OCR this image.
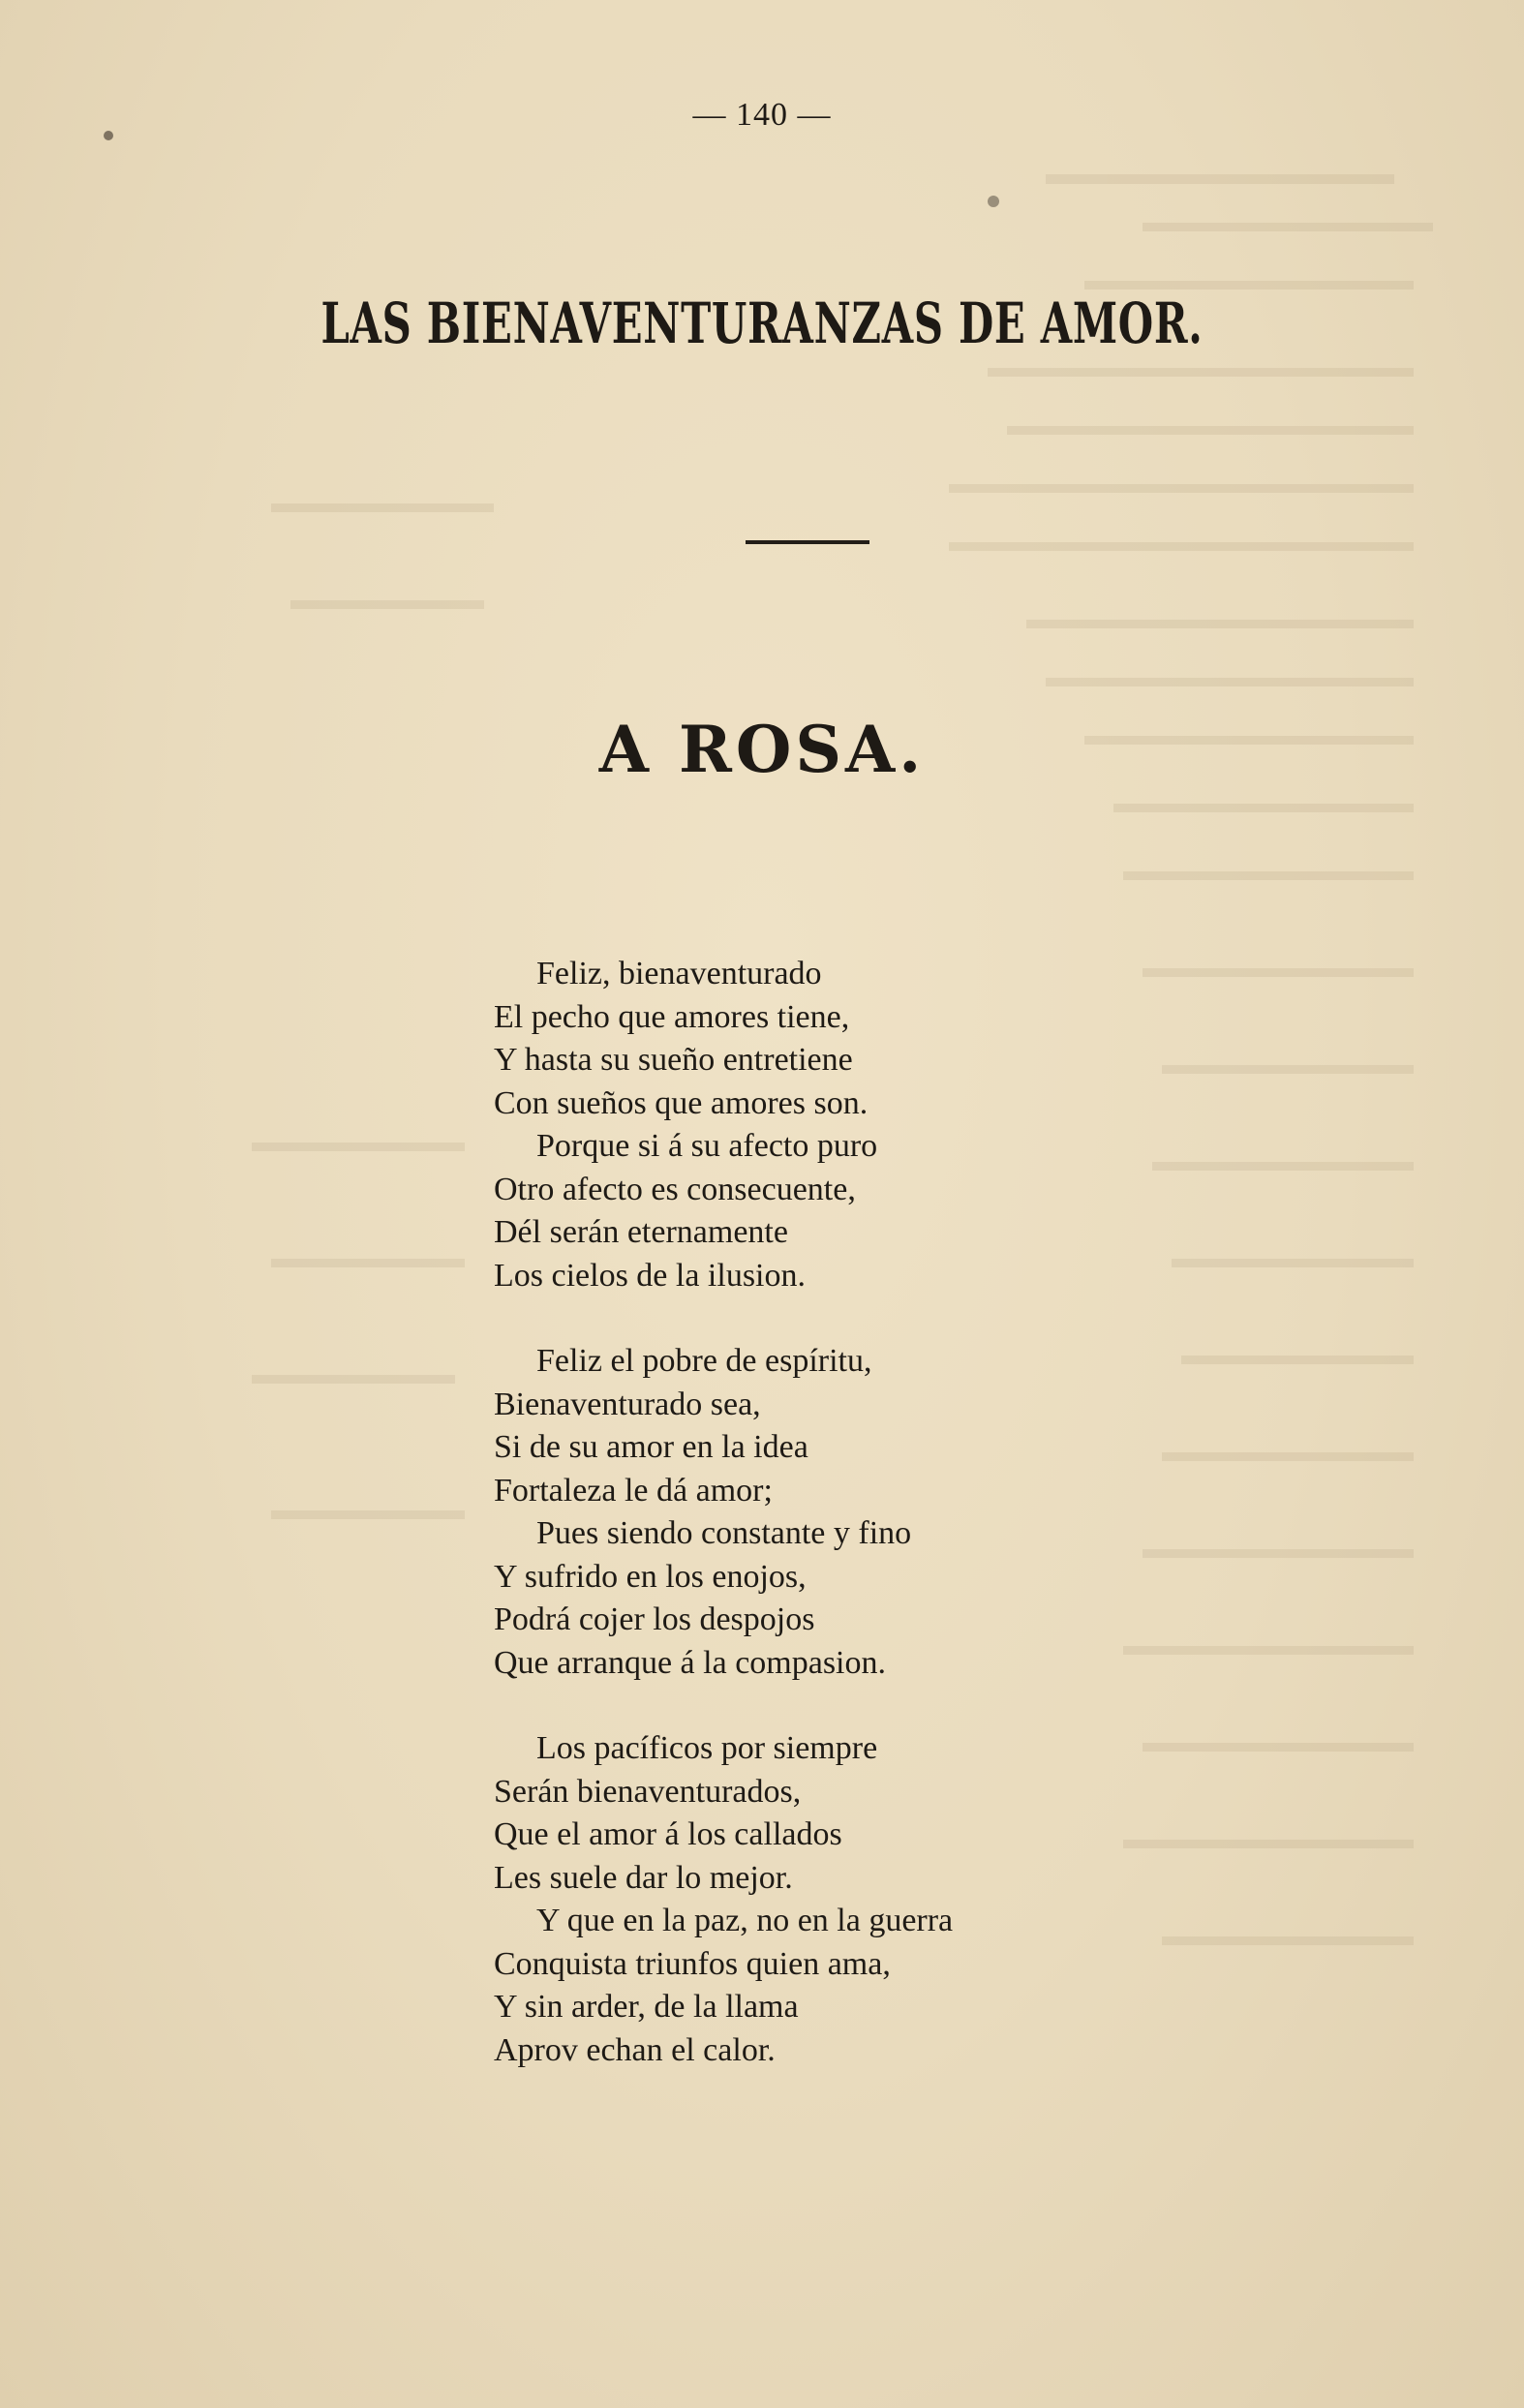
— 140 —
LAS BIENAVENTURANZAS DE AMOR.
A ROSA.
Feliz, bienaventurado
El pecho que amores tiene,
Y hasta su sueño entretiene
Con sueños que amores son.
Porque si á su afecto puro
Otro afecto es consecuente,
Dél serán eternamente
Los cielos de la ilusion.
Feliz el pobre de espíritu,
Bienaventurado sea,
Si de su amor en la idea
Fortaleza le dá amor;
Pues siendo constante y fino
Y sufrido en los enojos,
Podrá cojer los despojos
Que arranque á la compasion.
Los pacíficos por siempre
Serán bienaventurados,
Que el amor á los callados
Les suele dar lo mejor.
Y que en la paz, no en la guerra
Conquista triunfos quien ama,
Y sin arder, de la llama
Aprov echan el calor.
